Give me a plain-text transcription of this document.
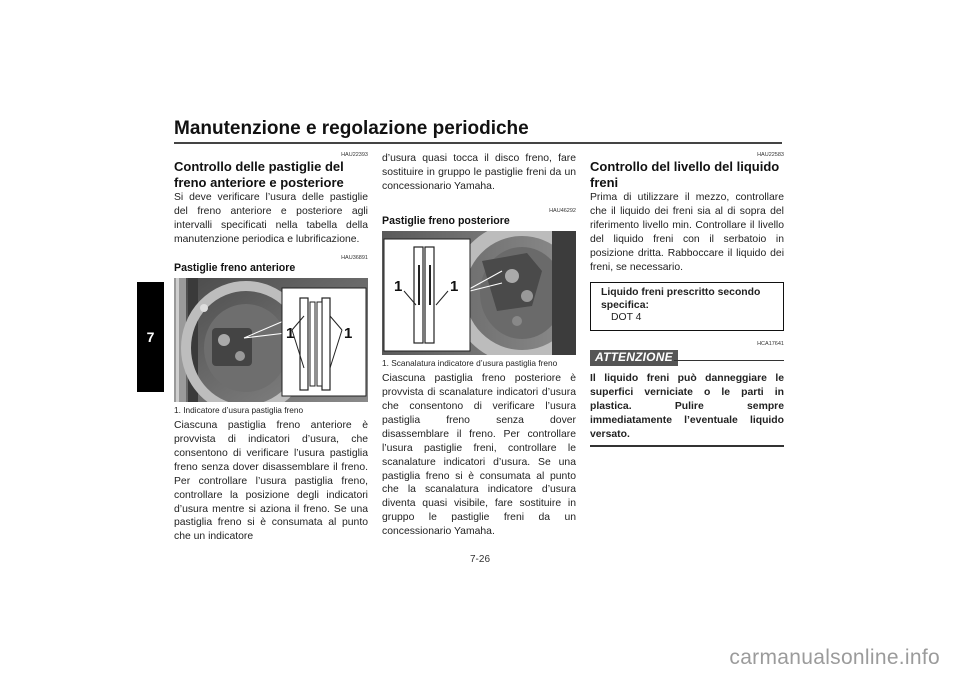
Manutenzione e regolazione periodiche
7
HAU22393
Controllo delle pastiglie del freno anteriore e posteriore

Si deve verificare l’usura delle pastiglie del freno anteriore e posteriore agli intervalli specificati nella tabella della manutenzione periodica e lubrificazione.

HAU36891
Pastiglie freno anteriore
1	1
1. Indicatore d’usura pastiglia freno

Ciascuna pastiglia freno anteriore è provvista di indicatori d’usura, che consentono di verificare l’usura pastiglia freno senza dover disassemblare il freno. Per controllare l’usura pastiglia freno, controllare la posizione degli indicatori d’usura mentre si aziona il freno. Se una pastiglia freno si è consumata al punto che un indicatore

d’usura quasi tocca il disco freno, fare sostituire in gruppo le pastiglie freni da un concessionario Yamaha.

HAU46292
Pastiglie freno posteriore
1	1
1. Scanalatura indicatore d’usura pastiglia freno

Ciascuna pastiglia freno posteriore è provvista di scanalature indicatori d’usura che consentono di verificare l’usura pastiglia freno senza dover disassemblare il freno. Per controllare l’usura pastiglie freni, controllare le scanalature indicatori d’usura. Se una pastiglia freno si è consumata al punto che la scanalatura indicatore d’usura diventa quasi visibile, fare sostituire in gruppo le pastiglie freni da un concessionario Yamaha.

HAU22583
Controllo del livello del liquido freni

Prima di utilizzare il mezzo, controllare che il liquido dei freni sia al di sopra del riferimento livello min. Controllare il livello del liquido freni con il serbatoio in posizione dritta. Rabboccare il liquido dei freni, se necessario.

Liquido freni prescritto secondo specifica:
DOT 4
HCA17641
ATTENZIONE
Il liquido freni può danneggiare le superfici verniciate o le parti in plastica. Pulire sempre immediatamente l’eventuale liquido versato.
7-26
carmanualsonline.info
